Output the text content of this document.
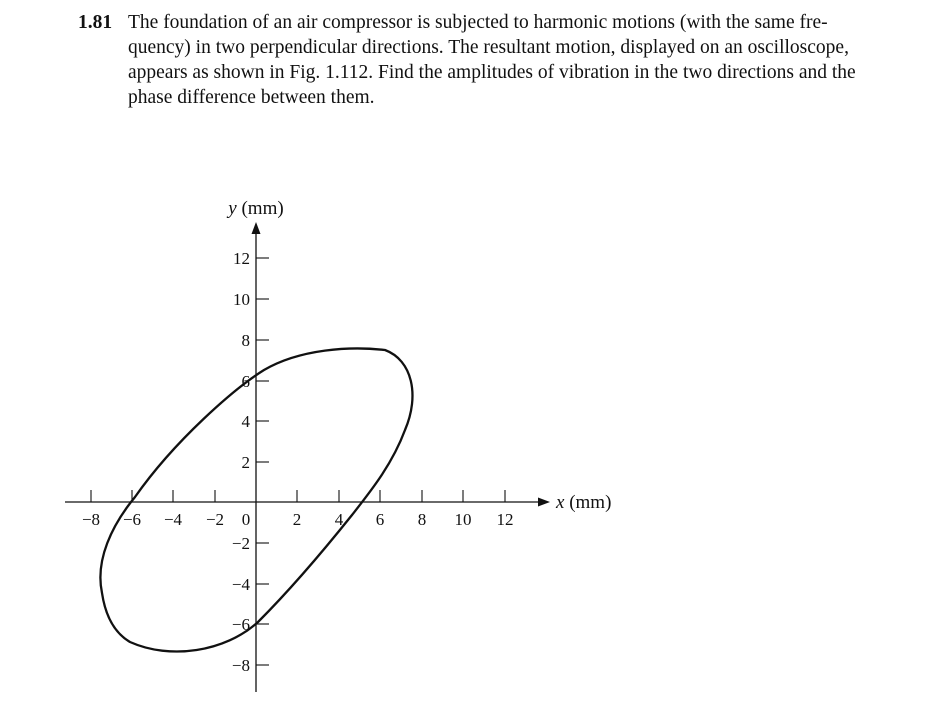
1.81 The foundation of an air compressor is subjected to harmonic motions (with the same fre-
quency) in two perpendicular directions. The resultant motion, displayed on an oscilloscope,
appears as shown in Fig. 1.112. Find the amplitudes of vibration in the two directions and the
phase difference between them.
−8 −6 −4 −2 0	2 4 6 8 10 12
12
10
8
6
4
2
−2
−4
−6
−8
y (mm)
x (mm)
